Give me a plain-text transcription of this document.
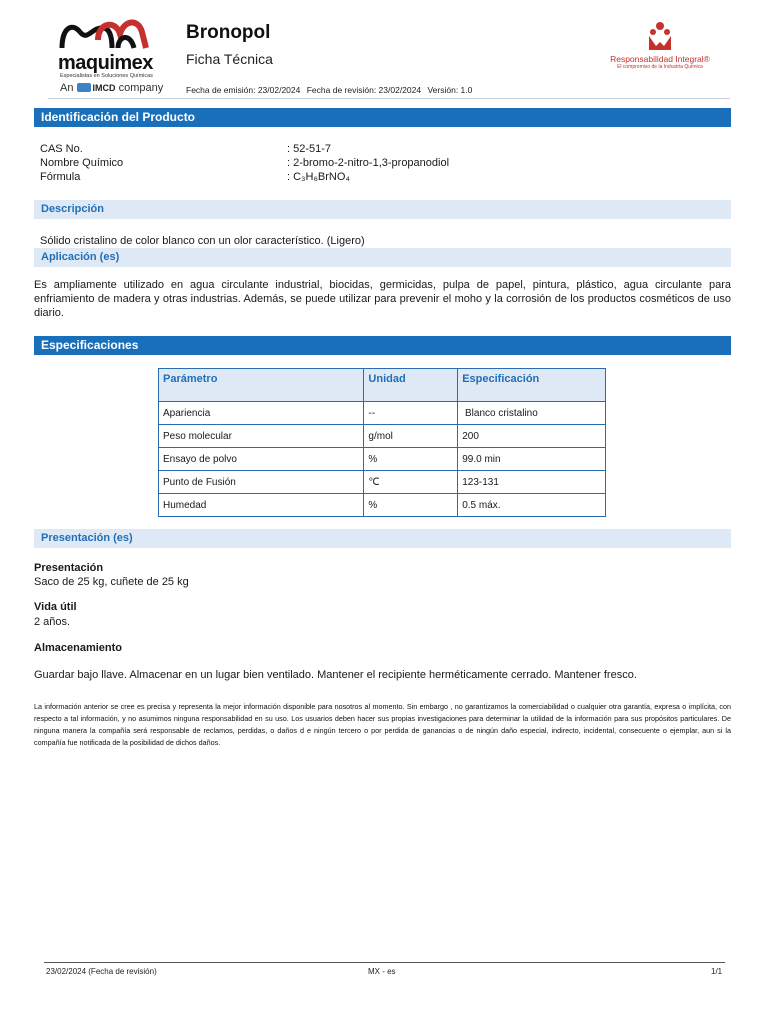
maquimex
Especialistas en Soluciones Químicas
An IMCD company
Bronopol
Ficha Técnica
Fecha de emisión: 23/02/2024 Fecha de revisión: 23/02/2024 Versión: 1.0
Responsabilidad Integral®
El compromiso de la Industria Química
Identificación del Producto
CAS No.	: 52-51-7
Nombre Químico	: 2-bromo-2-nitro-1,3-propanodiol
Fórmula	: C₃H₆BrNO₄
Descripción
Sólido cristalino de color blanco con un olor característico. (Ligero)
Aplicación (es)
Es ampliamente utilizado en agua circulante industrial, biocidas, germicidas, pulpa de papel, pintura, plástico, agua circulante para enfriamiento de madera y otras industrias. Además, se puede utilizar para prevenir el moho y la corrosión de los productos cosméticos de uso diario.
Especificaciones
Parámetro	Unidad	Especificación
Apariencia	--	Blanco cristalino
Peso molecular	g/mol	200
Ensayo de polvo	%	99.0 min
Punto de Fusión	℃	123-131
Humedad	%	0.5 máx.
Presentación (es)
Presentación
Saco de 25 kg, cuñete de 25 kg
Vida útil
2 años.
Almacenamiento
Guardar bajo llave. Almacenar en un lugar bien ventilado. Mantener el recipiente herméticamente cerrado. Mantener fresco.
La información anterior se cree es precisa y representa la mejor información disponible para nosotros al momento. Sin embargo , no garantizamos la comerciabilidad o cualquier otra garantía, expresa o implícita, con respecto a tal información, y no asumimos ninguna responsabilidad en su uso. Los usuarios deben hacer sus propias investigaciones para determinar la utilidad de la información para sus propósitos particulares. De ninguna manera la compañía será responsable de reclamos, perdidas, o daños d e ningún tercero o por perdida de ganancias o de ningún daño especial, indirecto, incidental, consecuente o ejemplar, aun si la compañía fue notificada de la posibilidad de dichos daños.
23/02/2024 (Fecha de revisión)	MX - es	1/1
